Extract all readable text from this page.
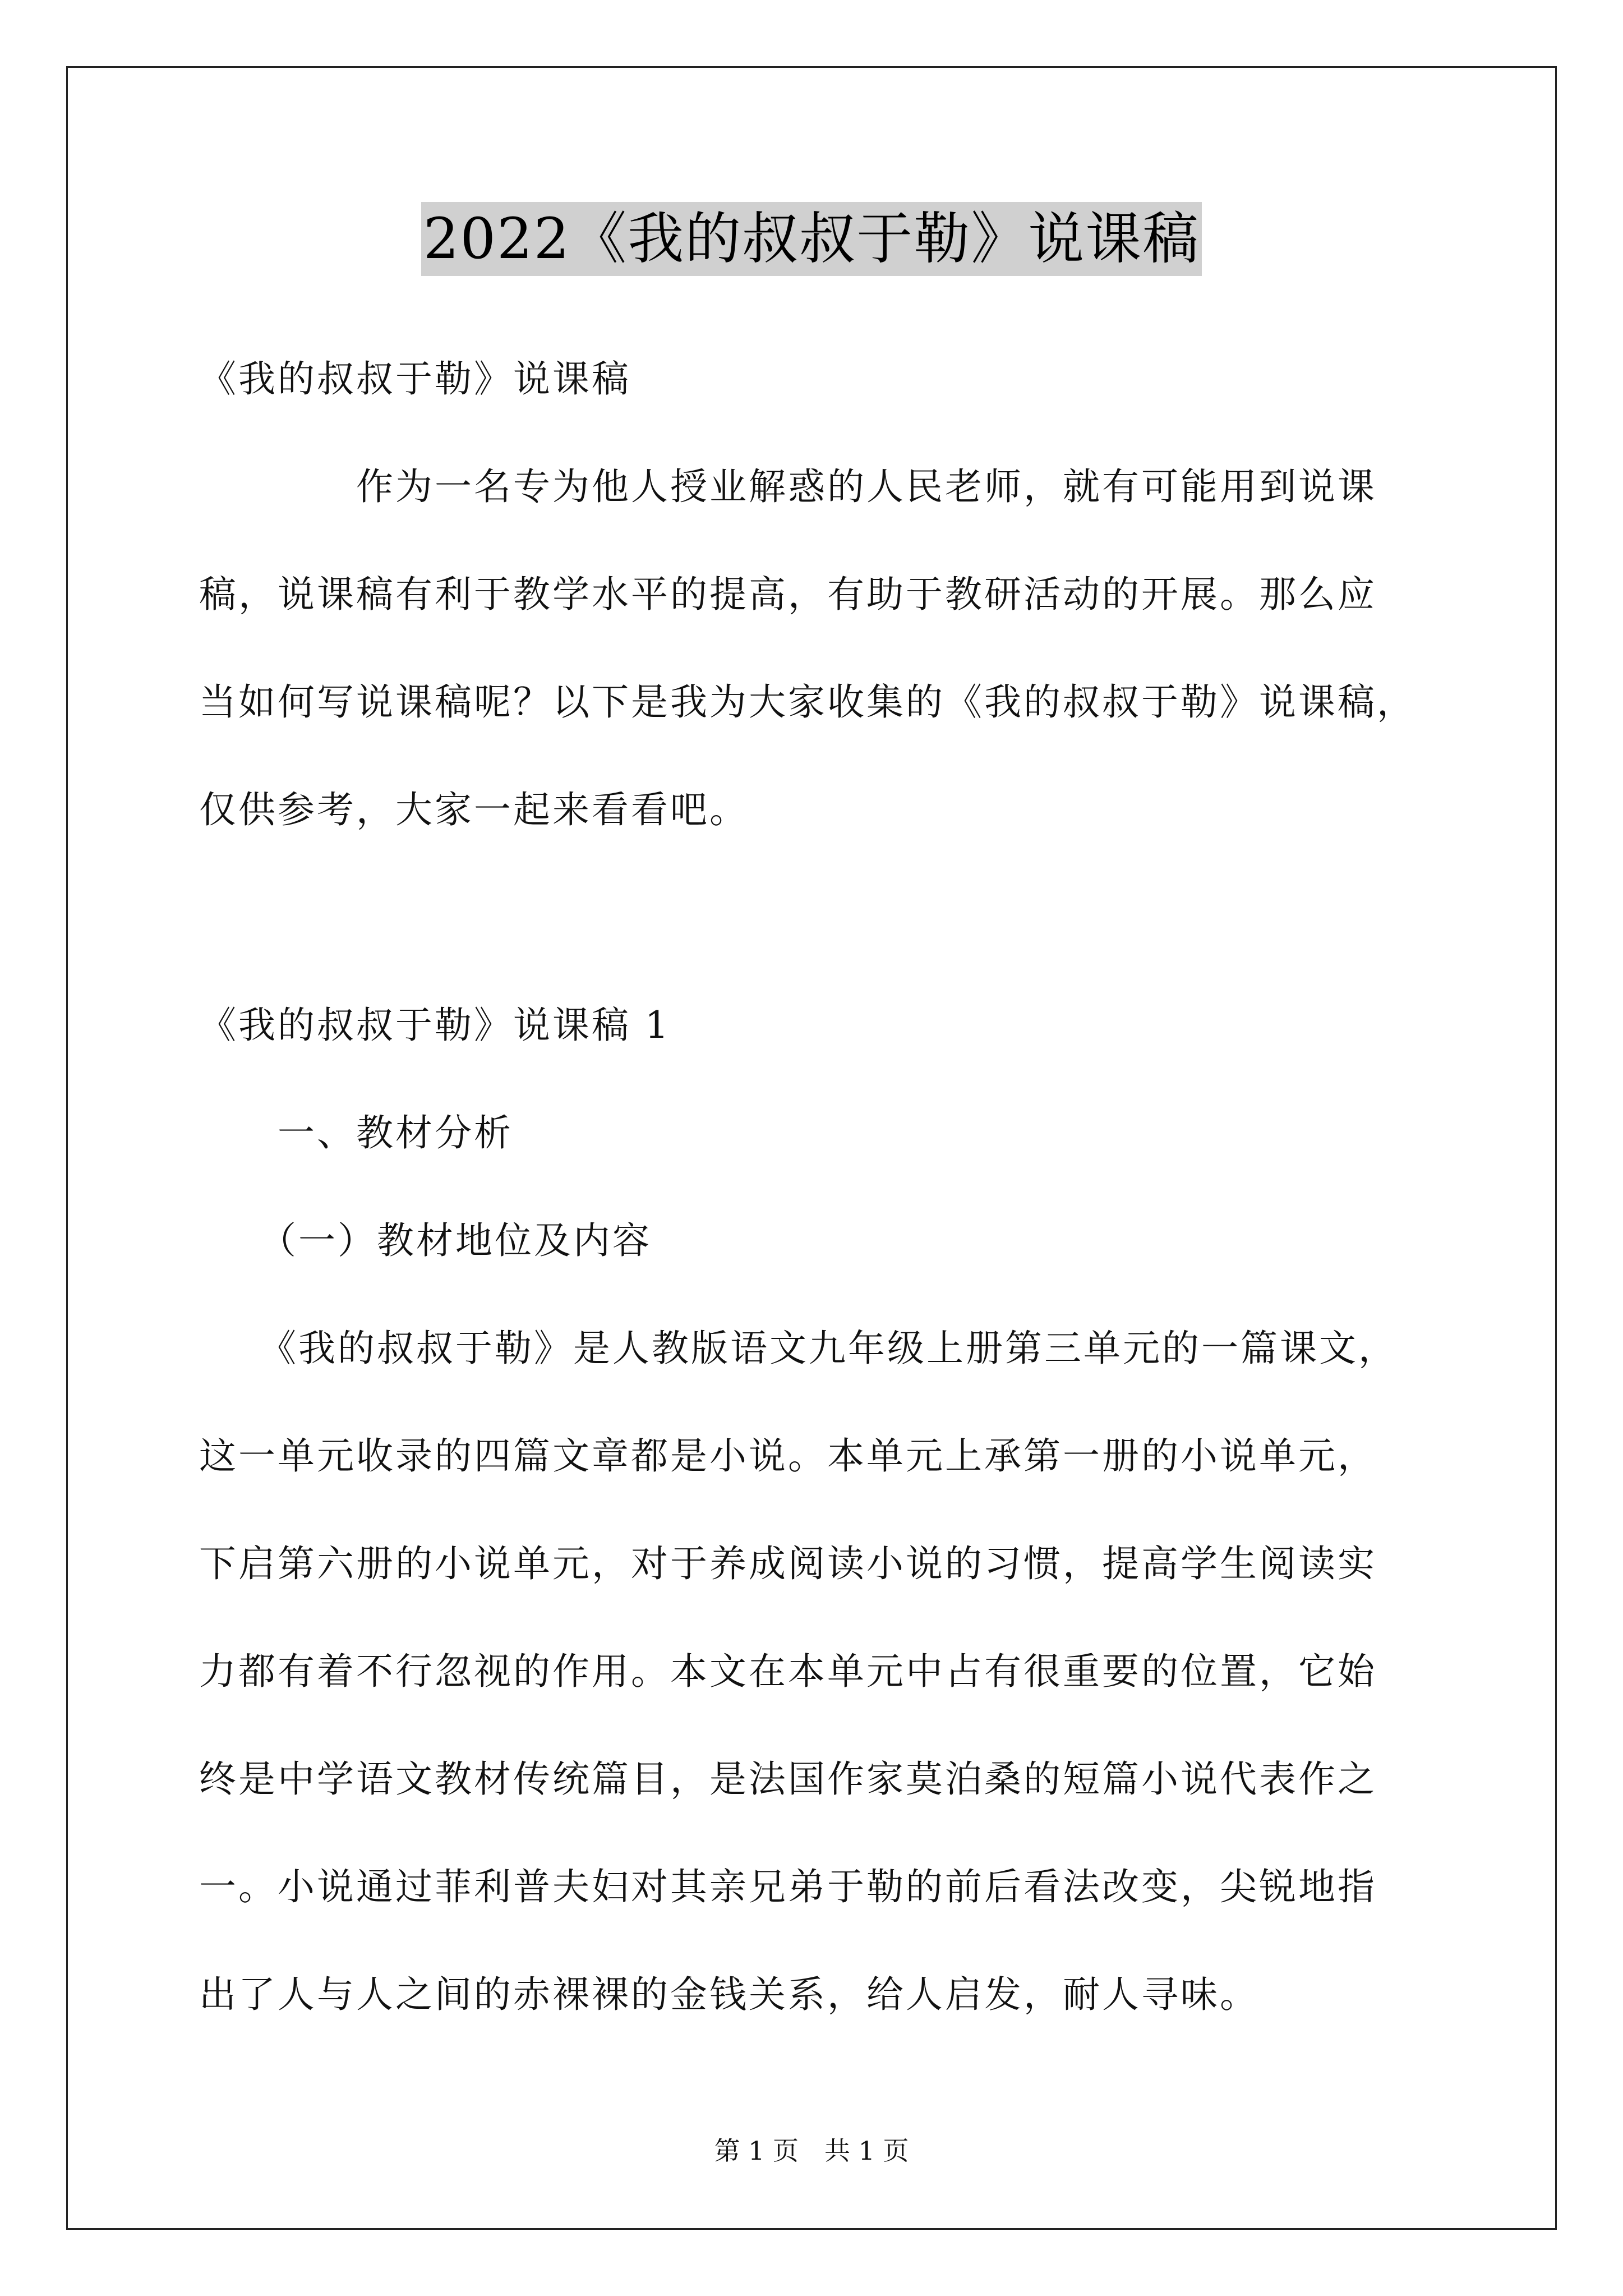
2022《我的叔叔于勒》说课稿
《我的叔叔于勒》说课稿
　　　　作为一名专为他人授业解惑的人民老师，就有可能用到说课
稿，说课稿有利于教学水平的提高，有助于教研活动的开展。那么应
当如何写说课稿呢？以下是我为大家收集的《我的叔叔于勒》说课稿，
仅供参考，大家一起来看看吧。
《我的叔叔于勒》说课稿 1
　　一、教材分析
　　（一）教材地位及内容
　　《我的叔叔于勒》是人教版语文九年级上册第三单元的一篇课文，
这一单元收录的四篇文章都是小说。本单元上承第一册的小说单元，
下启第六册的小说单元，对于养成阅读小说的习惯，提高学生阅读实
力都有着不行忽视的作用。本文在本单元中占有很重要的位置，它始
终是中学语文教材传统篇目，是法国作家莫泊桑的短篇小说代表作之
一。小说通过菲利普夫妇对其亲兄弟于勒的前后看法改变，尖锐地指
出了人与人之间的赤裸裸的金钱关系，给人启发，耐人寻味。
第 1 页　共 1 页
